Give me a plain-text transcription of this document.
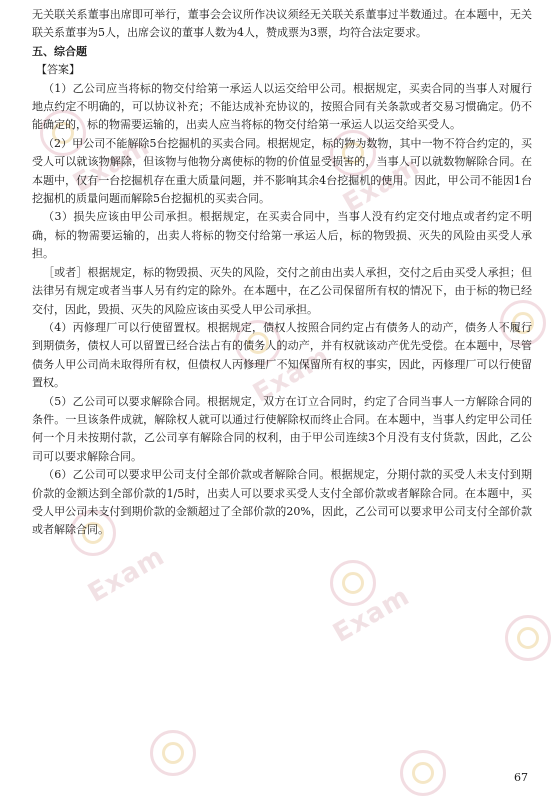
Exam	Exam
Exam
Exam
Exam

无关联关系董事出席即可举行，董事会会议所作决议须经无关联关系董事过半数通过。在本题中，无关联关系董事为5人，出席会议的董事人数为4人，赞成票为3票，均符合法定要求。

五、综合题

【答案】

（1）乙公司应当将标的物交付给第一承运人以运交给甲公司。根据规定，买卖合同的当事人对履行地点约定不明确的，可以协议补充；不能达成补充协议的，按照合同有关条款或者交易习惯确定。仍不能确定的，标的物需要运输的，出卖人应当将标的物交付给第一承运人以运交给买受人。

（2）甲公司不能解除5台挖掘机的买卖合同。根据规定，标的物为数物，其中一物不符合约定的，买受人可以就该物解除，但该物与他物分离使标的物的价值显受损害的，当事人可以就数物解除合同。在本题中，仅有一台挖掘机存在重大质量问题，并不影响其余4台挖掘机的使用。因此，甲公司不能因1台挖掘机的质量问题而解除5台挖掘机的买卖合同。

（3）损失应该由甲公司承担。根据规定，在买卖合同中，当事人没有约定交付地点或者约定不明确，标的物需要运输的，出卖人将标的物交付给第一承运人后，标的物毁损、灭失的风险由买受人承担。

［或者］根据规定，标的物毁损、灭失的风险，交付之前由出卖人承担，交付之后由买受人承担；但法律另有规定或者当事人另有约定的除外。在本题中，在乙公司保留所有权的情况下，由于标的物已经交付，因此，毁损、灭失的风险应该由买受人甲公司承担。

（4）丙修理厂可以行使留置权。根据规定，债权人按照合同约定占有债务人的动产，债务人不履行到期债务，债权人可以留置已经合法占有的债务人的动产，并有权就该动产优先受偿。在本题中，尽管债务人甲公司尚未取得所有权，但债权人丙修理厂不知保留所有权的事实，因此，丙修理厂可以行使留置权。

（5）乙公司可以要求解除合同。根据规定，双方在订立合同时，约定了合同当事人一方解除合同的条件。一旦该条件成就，解除权人就可以通过行使解除权而终止合同。在本题中，当事人约定甲公司任何一个月未按期付款，乙公司享有解除合同的权利，由于甲公司连续3个月没有支付货款，因此，乙公司可以要求解除合同。

（6）乙公司可以要求甲公司支付全部价款或者解除合同。根据规定，分期付款的买受人未支付到期价款的金额达到全部价款的1/5时，出卖人可以要求买受人支付全部价款或者解除合同。在本题中，买受人甲公司未支付到期价款的金额超过了全部价款的20%，因此，乙公司可以要求甲公司支付全部价款或者解除合同。

67
